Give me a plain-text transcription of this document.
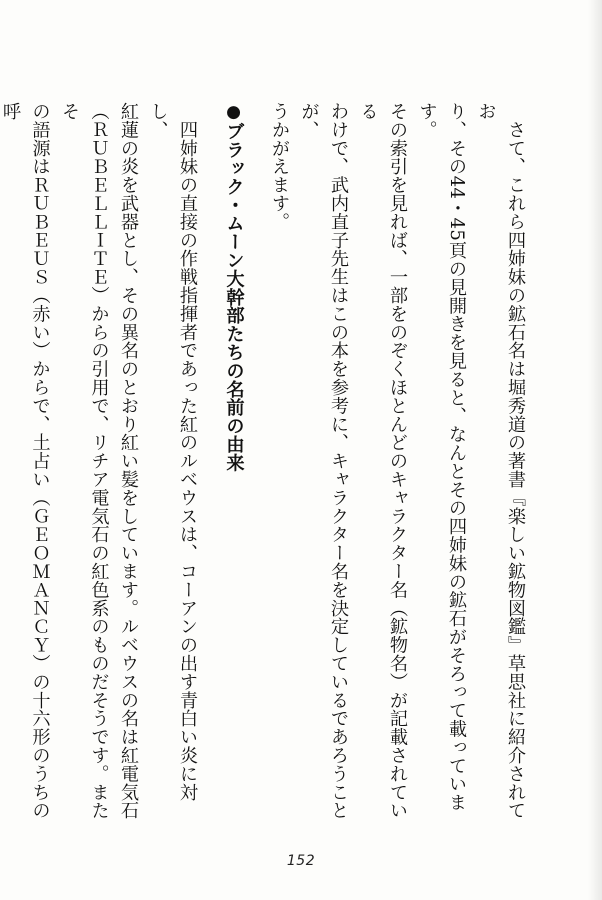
　さて、これら四姉妹の鉱石名は堀秀道の著書『楽しい鉱物図鑑』草思社に紹介されてお
り、その44・45頁の見開きを見ると、なんとその四姉妹の鉱石がそろって載っています。
その索引を見れば、一部をのぞくほとんどのキャラクター名（鉱物名）が記載されている
わけで、武内直子先生はこの本を参考に、キャラクター名を決定しているであろうことが、
うかがえます。

●ブラック・ムーン大幹部たちの名前の由来

　四姉妹の直接の作戦指揮者であった紅のルベウスは、コーアンの出す青白い炎に対し、
紅蓮の炎を武器とし、その異名のとおり紅い髪をしています。ルベウスの名は紅電気石
（ＲＵＢＥＬＬＩＴＥ）からの引用で、リチア電気石の紅色系のものだそうです。またそ
の語源はＲＵＢＥＵＳ（赤い）からで、土占い（ＧＥＯＭＡＮＣＹ）の十六形のうちの呼

152
